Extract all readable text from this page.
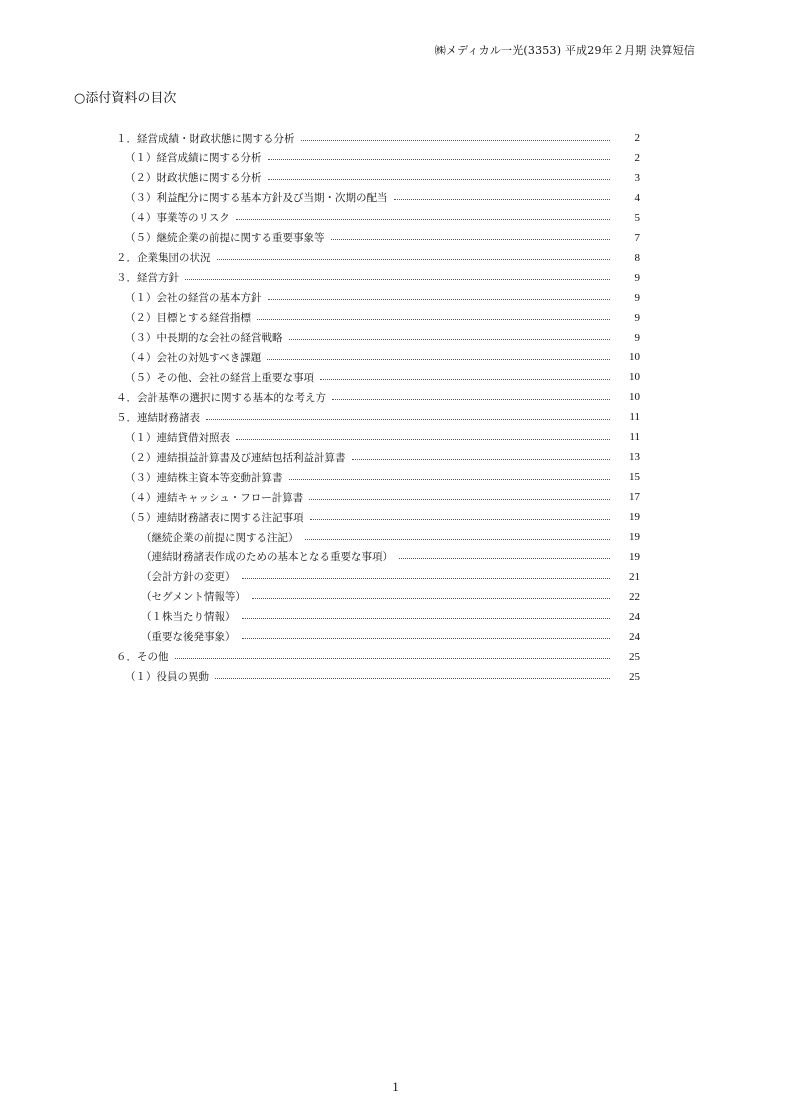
㈱メディカル一光(3353) 平成29年２月期 決算短信
○添付資料の目次
１．経営成績・財政状態に関する分析	2
（１）経営成績に関する分析	2
（２）財政状態に関する分析	3
（３）利益配分に関する基本方針及び当期・次期の配当	4
（４）事業等のリスク	5
（５）継続企業の前提に関する重要事象等	7
２．企業集団の状況	8
３．経営方針	9
（１）会社の経営の基本方針	9
（２）目標とする経営指標	9
（３）中長期的な会社の経営戦略	9
（４）会社の対処すべき課題	10
（５）その他、会社の経営上重要な事項	10
４．会計基準の選択に関する基本的な考え方	10
５．連結財務諸表	11
（１）連結貸借対照表	11
（２）連結損益計算書及び連結包括利益計算書	13
（３）連結株主資本等変動計算書	15
（４）連結キャッシュ・フロー計算書	17
（５）連結財務諸表に関する注記事項	19
（継続企業の前提に関する注記）	19
（連結財務諸表作成のための基本となる重要な事項）	19
（会計方針の変更）	21
（セグメント情報等）	22
（１株当たり情報）	24
（重要な後発事象）	24
６．その他	25
（１）役員の異動	25
1
